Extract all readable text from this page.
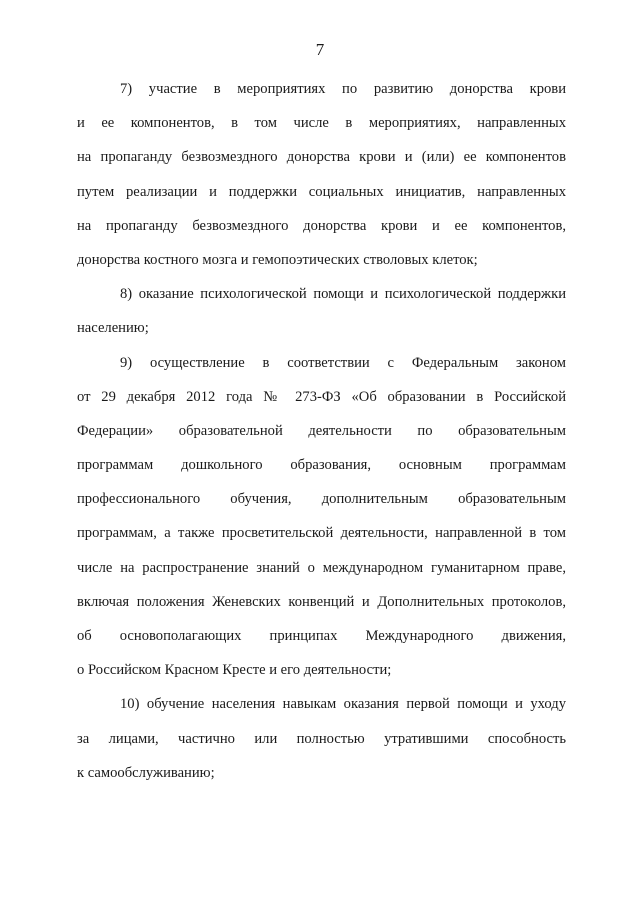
7
7) участие в мероприятиях по развитию донорства крови
и ее компонентов, в том числе в мероприятиях, направленных
на пропаганду безвозмездного донорства крови и (или) ее компонентов
путем реализации и поддержки социальных инициатив, направленных
на пропаганду безвозмездного донорства крови и ее компонентов,
донорства костного мозга и гемопоэтических стволовых клеток;
8) оказание психологической помощи и психологической поддержки
населению;
9) осуществление в соответствии с Федеральным законом
от 29 декабря 2012 года № 273-ФЗ «Об образовании в Российской
Федерации» образовательной деятельности по образовательным
программам дошкольного образования, основным программам
профессионального обучения, дополнительным образовательным
программам, а также просветительской деятельности, направленной в том
числе на распространение знаний о международном гуманитарном праве,
включая положения Женевских конвенций и Дополнительных протоколов,
об основополагающих принципах Международного движения,
о Российском Красном Кресте и его деятельности;
10) обучение населения навыкам оказания первой помощи и уходу
за лицами, частично или полностью утратившими способность
к самообслуживанию;
